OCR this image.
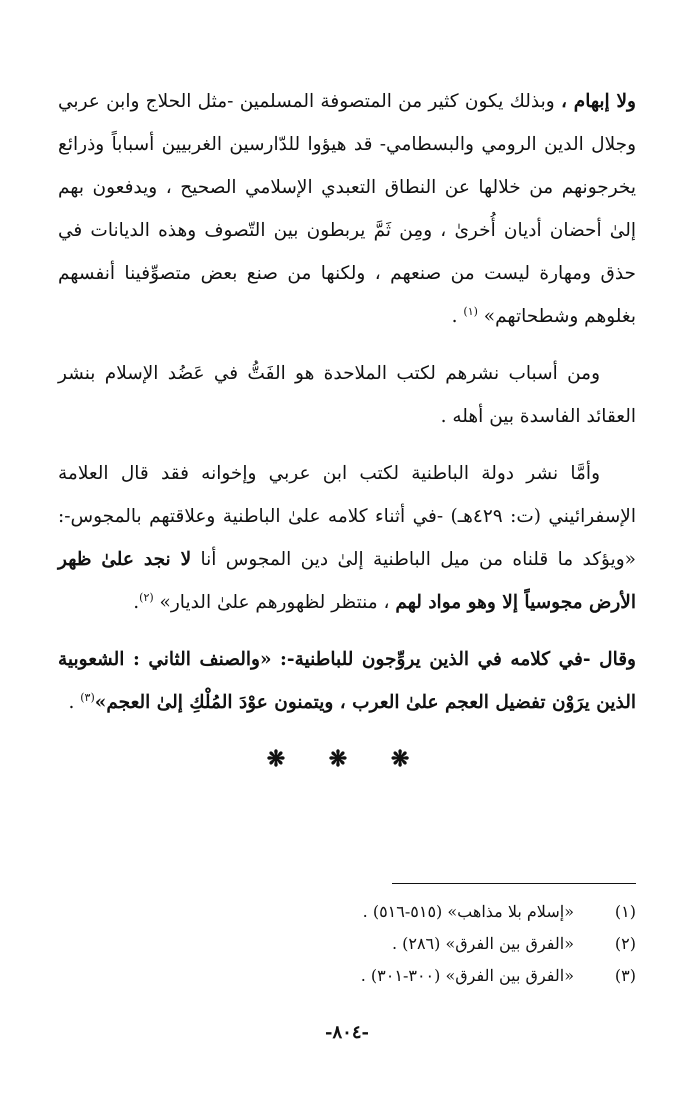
ولا إبهام ، وبذلك يكون كثير من المتصوفة المسلمين -مثل الحلاج وابن عربي وجلال الدين الرومي والبسطامي- قد هيؤوا للدّارسين الغربيين أسباباً وذرائع يخرجونهم من خلالها عن النطاق التعبدي الإسلامي الصحيح ، ويدفعون بهم إلىٰ أحضان أديان أُخرىٰ ، ومِن ثَمَّ يربطون بين التّصوف وهذه الديانات في حذق ومهارة ليست من صنعهم ، ولكنها من صنع بعض متصوِّفينا أنفسهم بغلوهم وشطحاتهم» $^{(١)}$ .

ومن أسباب نشرهم لكتب الملاحدة هو الفَتُّ في عَضُد الإسلام بنشر العقائد الفاسدة بين أهله .

وأمَّا نشر دولة الباطنية لكتب ابن عربي وإخوانه فقد قال العلامة الإسفرائيني (ت: ٤٢٩هـ) -في أثناء كلامه علىٰ الباطنية وعلاقتهم بالمجوس-: «ويؤكد ما قلناه من ميل الباطنية إلىٰ دين المجوس أنا لا نجد علىٰ ظهر الأرض مجوسياً إلا وهو مواد لهم ، منتظر لظهورهم علىٰ الديار» $^{(٢)}$.

وقال -في كلامه في الذين يروِّجون للباطنية-: «والصنف الثاني : الشعوبية الذين يرَوْن تفضيل العجم علىٰ العرب ، ويتمنون عوْدَ المُلْكِ إلىٰ العجم»$^{(٣)}$ .

❋ ❋ ❋
(١)
«إسلام بلا مذاهب» (٥١٥-٥١٦) .
(٢)
«الفرق بين الفرق» (٢٨٦) .
(٣)
«الفرق بين الفرق» (٣٠٠-٣٠١) .
-٨٠٤-
